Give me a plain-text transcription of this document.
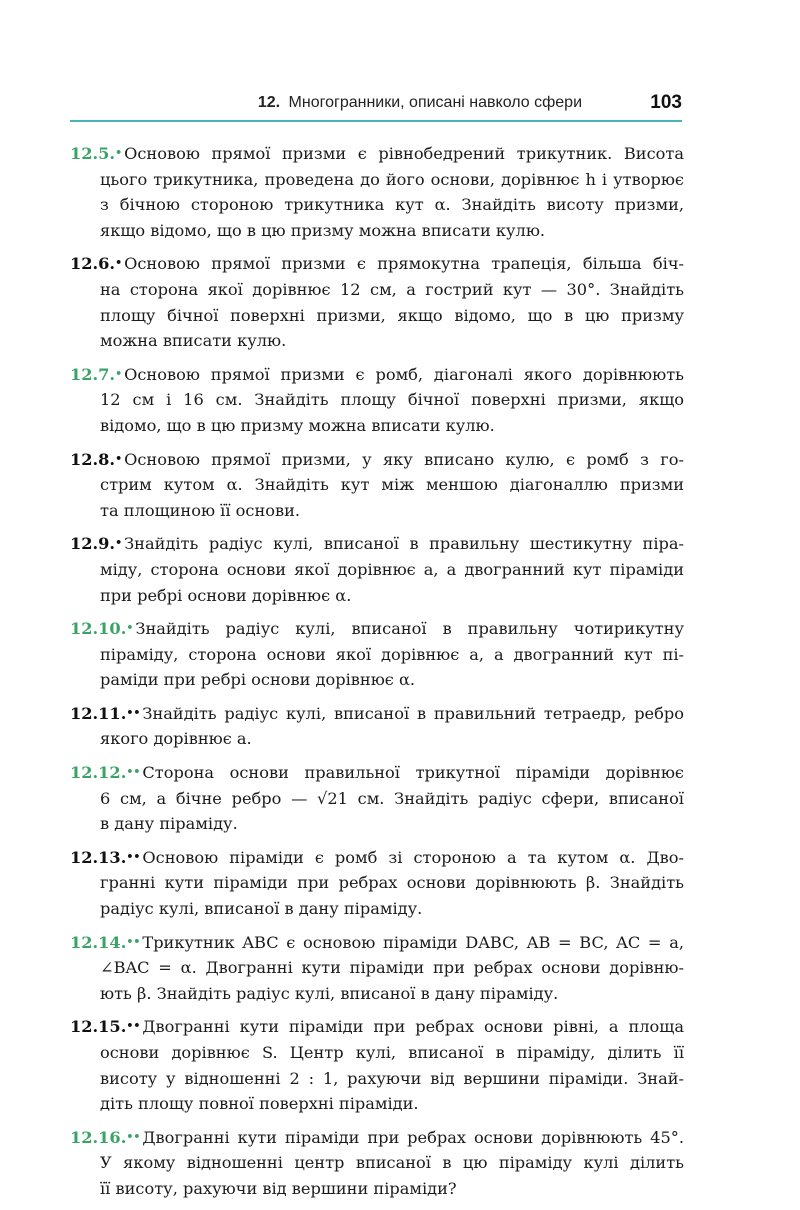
12. Многогранники, описані навколо сфери	103
12.5.• Основою прямої призми є рівнобедрений трикутник. Висота
цього трикутника, проведена до його основи, дорівнює h і утворює
з бічною стороною трикутника кут α. Знайдіть висоту призми,
якщо відомо, що в цю призму можна вписати кулю.
12.6.• Основою прямої призми є прямокутна трапеція, більша біч-
на сторона якої дорівнює 12 см, а гострий кут — 30°. Знайдіть
площу бічної поверхні призми, якщо відомо, що в цю призму
можна вписати кулю.
12.7.• Основою прямої призми є ромб, діагоналі якого дорівнюють
12 см і 16 см. Знайдіть площу бічної поверхні призми, якщо
відомо, що в цю призму можна вписати кулю.
12.8.• Основою прямої призми, у яку вписано кулю, є ромб з го-
стрим кутом α. Знайдіть кут між меншою діагоналлю призми
та площиною її основи.
12.9.• Знайдіть радіус кулі, вписаної в правильну шестикутну піра-
міду, сторона основи якої дорівнює a, а двогранний кут піраміди
при ребрі основи дорівнює α.
12.10.• Знайдіть радіус кулі, вписаної в правильну чотирикутну
піраміду, сторона основи якої дорівнює a, а двогранний кут пі-
раміди при ребрі основи дорівнює α.
12.11.•• Знайдіть радіус кулі, вписаної в правильний тетраедр, ребро
якого дорівнює a.
12.12.•• Сторона основи правильної трикутної піраміди дорівнює
6 см, а бічне ребро — √21 см. Знайдіть радіус сфери, вписаної
в дану піраміду.
12.13.•• Основою піраміди є ромб зі стороною a та кутом α. Дво-
гранні кути піраміди при ребрах основи дорівнюють β. Знайдіть
радіус кулі, вписаної в дану піраміду.
12.14.•• Трикутник ABC є основою піраміди DABC, AB = BC, AC = a,
∠BAC = α. Двогранні кути піраміди при ребрах основи дорівню-
ють β. Знайдіть радіус кулі, вписаної в дану піраміду.
12.15.•• Двогранні кути піраміди при ребрах основи рівні, а площа
основи дорівнює S. Центр кулі, вписаної в піраміду, ділить її
висоту у відношенні 2 : 1, рахуючи від вершини піраміди. Знай-
діть площу повної поверхні піраміди.
12.16.•• Двогранні кути піраміди при ребрах основи дорівнюють 45°.
У якому відношенні центр вписаної в цю піраміду кулі ділить
її висоту, рахуючи від вершини піраміди?
